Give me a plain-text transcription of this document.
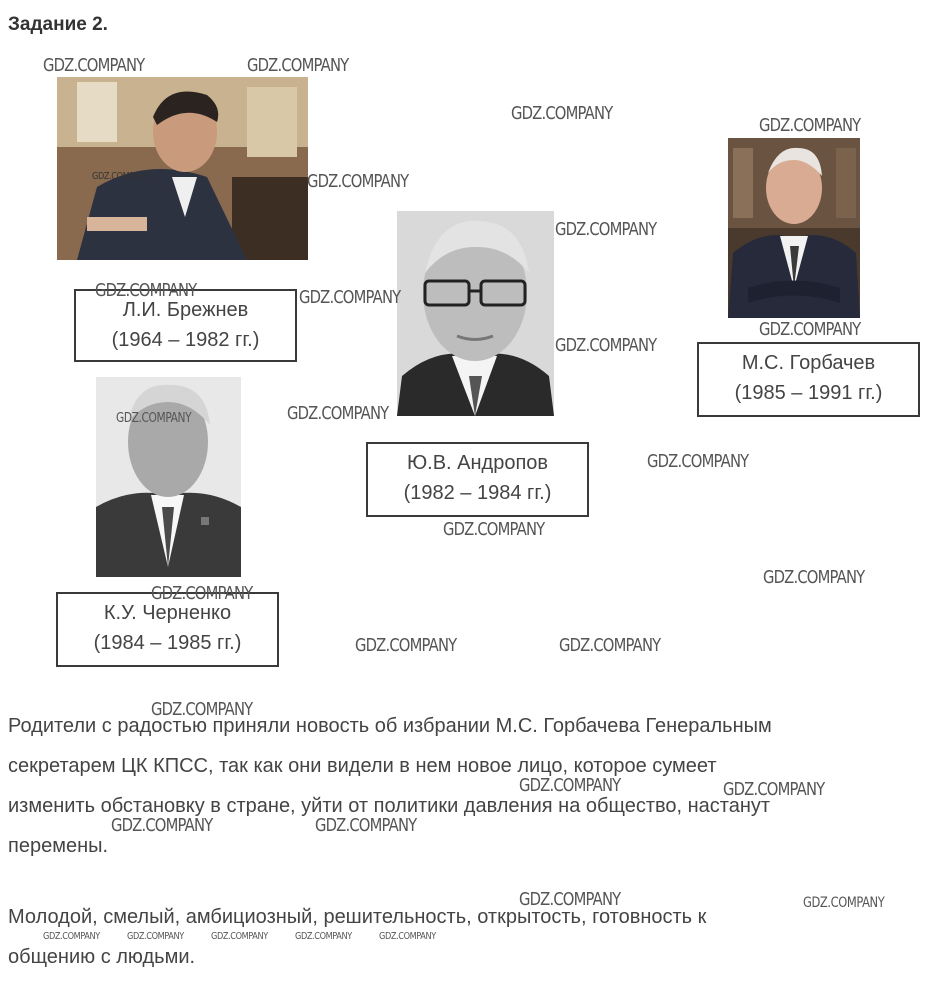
Задание 2.
Л.И. Брежнев
(1964 – 1982 гг.)
Ю.В. Андропов
(1982 – 1984 гг.)
К.У. Черненко
(1984 – 1985 гг.)
М.С. Горбачев
(1985 – 1991 гг.)
Родители с радостью приняли новость об избрании М.С. Горбачева Генеральным
секретарем ЦК КПСС, так как они видели в нем новое лицо, которое сумеет
изменить обстановку в стране, уйти от политики давления на общество, настанут
перемены.
Молодой, смелый, амбициозный, решительность, открытость, готовность к
общению с людьми.
GDZ.COMPANY	GDZ.COMPANY
GDZ.COMPANY
GDZ.COMPANY
GDZ.COMPANY	GDZ.COMPANY
GDZ.COMPANY
GDZ.COMPANY	GDZ.COMPANY
GDZ.COMPANY
GDZ.COMPANY
GDZ.COMPANY
GDZ.COMPANY
GDZ.COMPANY
GDZ.COMPANY
GDZ.COMPANY
GDZ.COMPANY
GDZ.COMPANY	GDZ.COMPANY
GDZ.COMPANY
GDZ.COMPANY	GDZ.COMPANY
GDZ.COMPANY	GDZ.COMPANY
GDZ.COMPANY	GDZ.COMPANY
GDZ.COMPANY	GDZ.COMPANY	GDZ.COMPANY	GDZ.COMPANY	GDZ.COMPANY
